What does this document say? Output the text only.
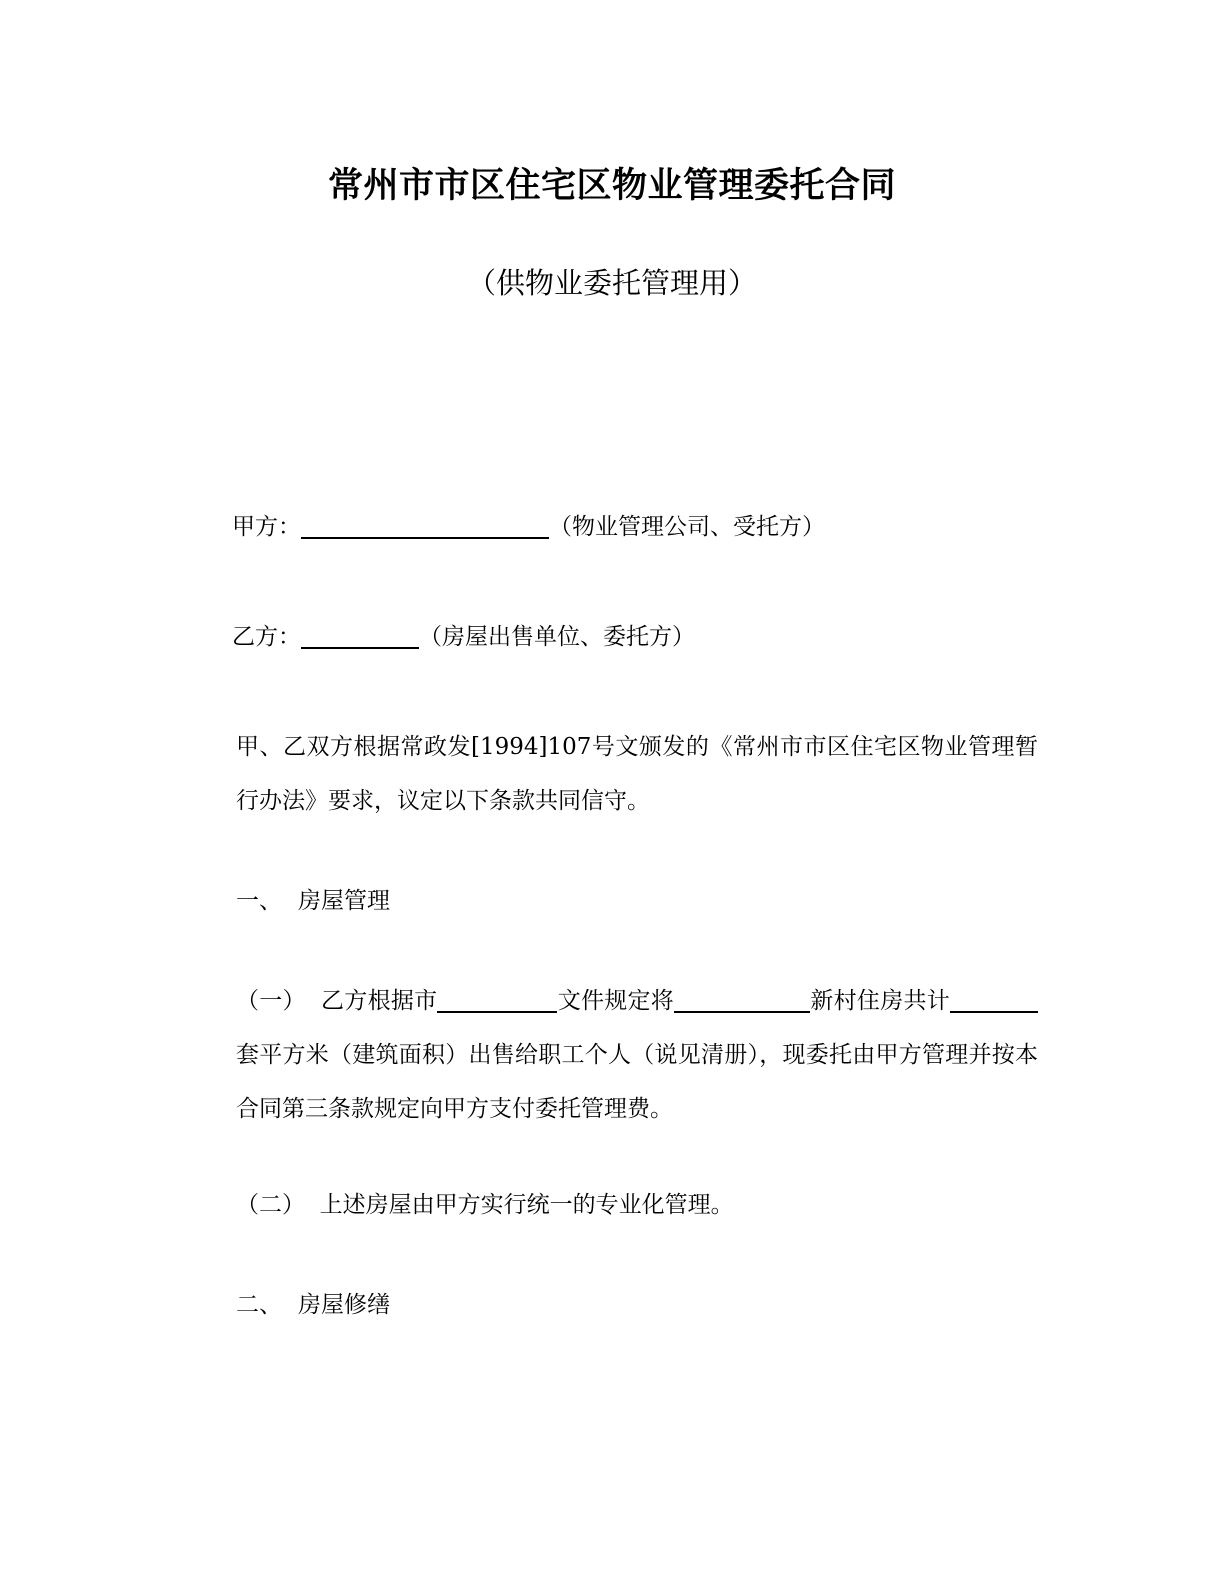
常州市市区住宅区物业管理委托合同
（供物业委托管理用）
甲方：	（物业管理公司、受托方）
乙方：	（房屋出售单位、委托方）
甲、乙双方根据常政发[1994]107号文颁发的《常州市市区住宅区物业管理暂行办法》要求，议定以下条款共同信守。
一、 房屋管理
（一） 乙方根据市	文件规定将	新村住房共计套平方米（建筑面积）出售给职工个人（说见清册），现委托由甲方管理并按本合同第三条款规定向甲方支付委托管理费。
（二） 上述房屋由甲方实行统一的专业化管理。
二、 房屋修缮
